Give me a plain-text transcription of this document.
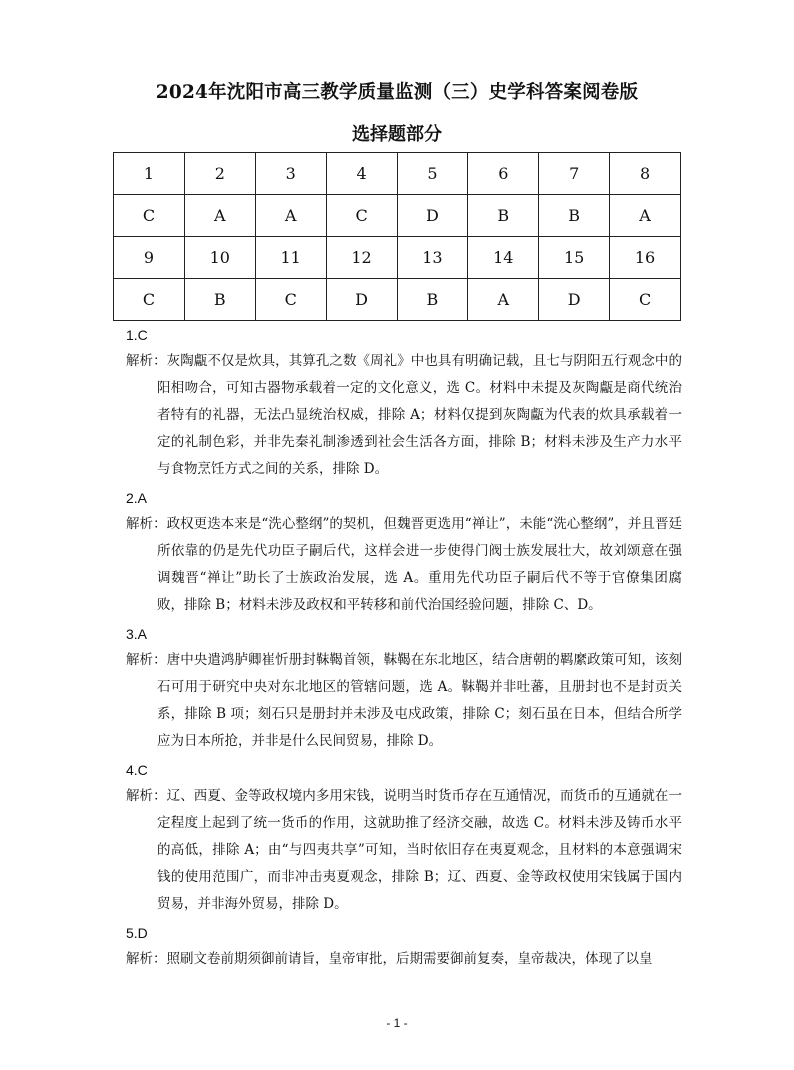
2024年沈阳市高三教学质量监测（三）史学科答案阅卷版
选择题部分
1	2	3	4	5	6	7	8
C	A	A	C	D	B	B	A
9	10	11	12	13	14	15	16
C	B	C	D	B	A	D	C
1.C
解析：灰陶甗不仅是炊具，其算孔之数《周礼》中也具有明确记载，且七与阴阳五行观念中的阳相吻合，可知古器物承载着一定的文化意义，选 C。材料中未提及灰陶甗是商代统治者特有的礼器，无法凸显统治权威，排除 A；材料仅提到灰陶甗为代表的炊具承载着一定的礼制色彩，并非先秦礼制渗透到社会生活各方面，排除 B；材料未涉及生产力水平与食物烹饪方式之间的关系，排除 D。
2.A
解析：政权更迭本来是“洗心整纲”的契机，但魏晋更选用“禅让”，未能“洗心整纲”，并且晋廷所依靠的仍是先代功臣子嗣后代，这样会进一步使得门阀士族发展壮大，故刘颂意在强调魏晋“禅让”助长了士族政治发展，选 A。重用先代功臣子嗣后代不等于官僚集团腐败，排除 B；材料未涉及政权和平转移和前代治国经验问题，排除 C、D。
3.A
解析：唐中央遣鸿胪卿崔忻册封靺鞨首领，靺鞨在东北地区，结合唐朝的羁縻政策可知，该刻石可用于研究中央对东北地区的管辖问题，选 A。靺鞨并非吐蕃，且册封也不是封贡关系，排除 B 项；刻石只是册封并未涉及屯戍政策，排除 C；刻石虽在日本，但结合所学应为日本所抢，并非是什么民间贸易，排除 D。
4.C
解析：辽、西夏、金等政权境内多用宋钱，说明当时货币存在互通情况，而货币的互通就在一定程度上起到了统一货币的作用，这就助推了经济交融，故选 C。材料未涉及铸币水平的高低，排除 A；由“与四夷共享”可知，当时依旧存在夷夏观念，且材料的本意强调宋钱的使用范围广，而非冲击夷夏观念，排除 B；辽、西夏、金等政权使用宋钱属于国内贸易，并非海外贸易，排除 D。
5.D
解析：照刷文卷前期须御前请旨，皇帝审批，后期需要御前复奏，皇帝裁决，体现了以皇
- 1 -
